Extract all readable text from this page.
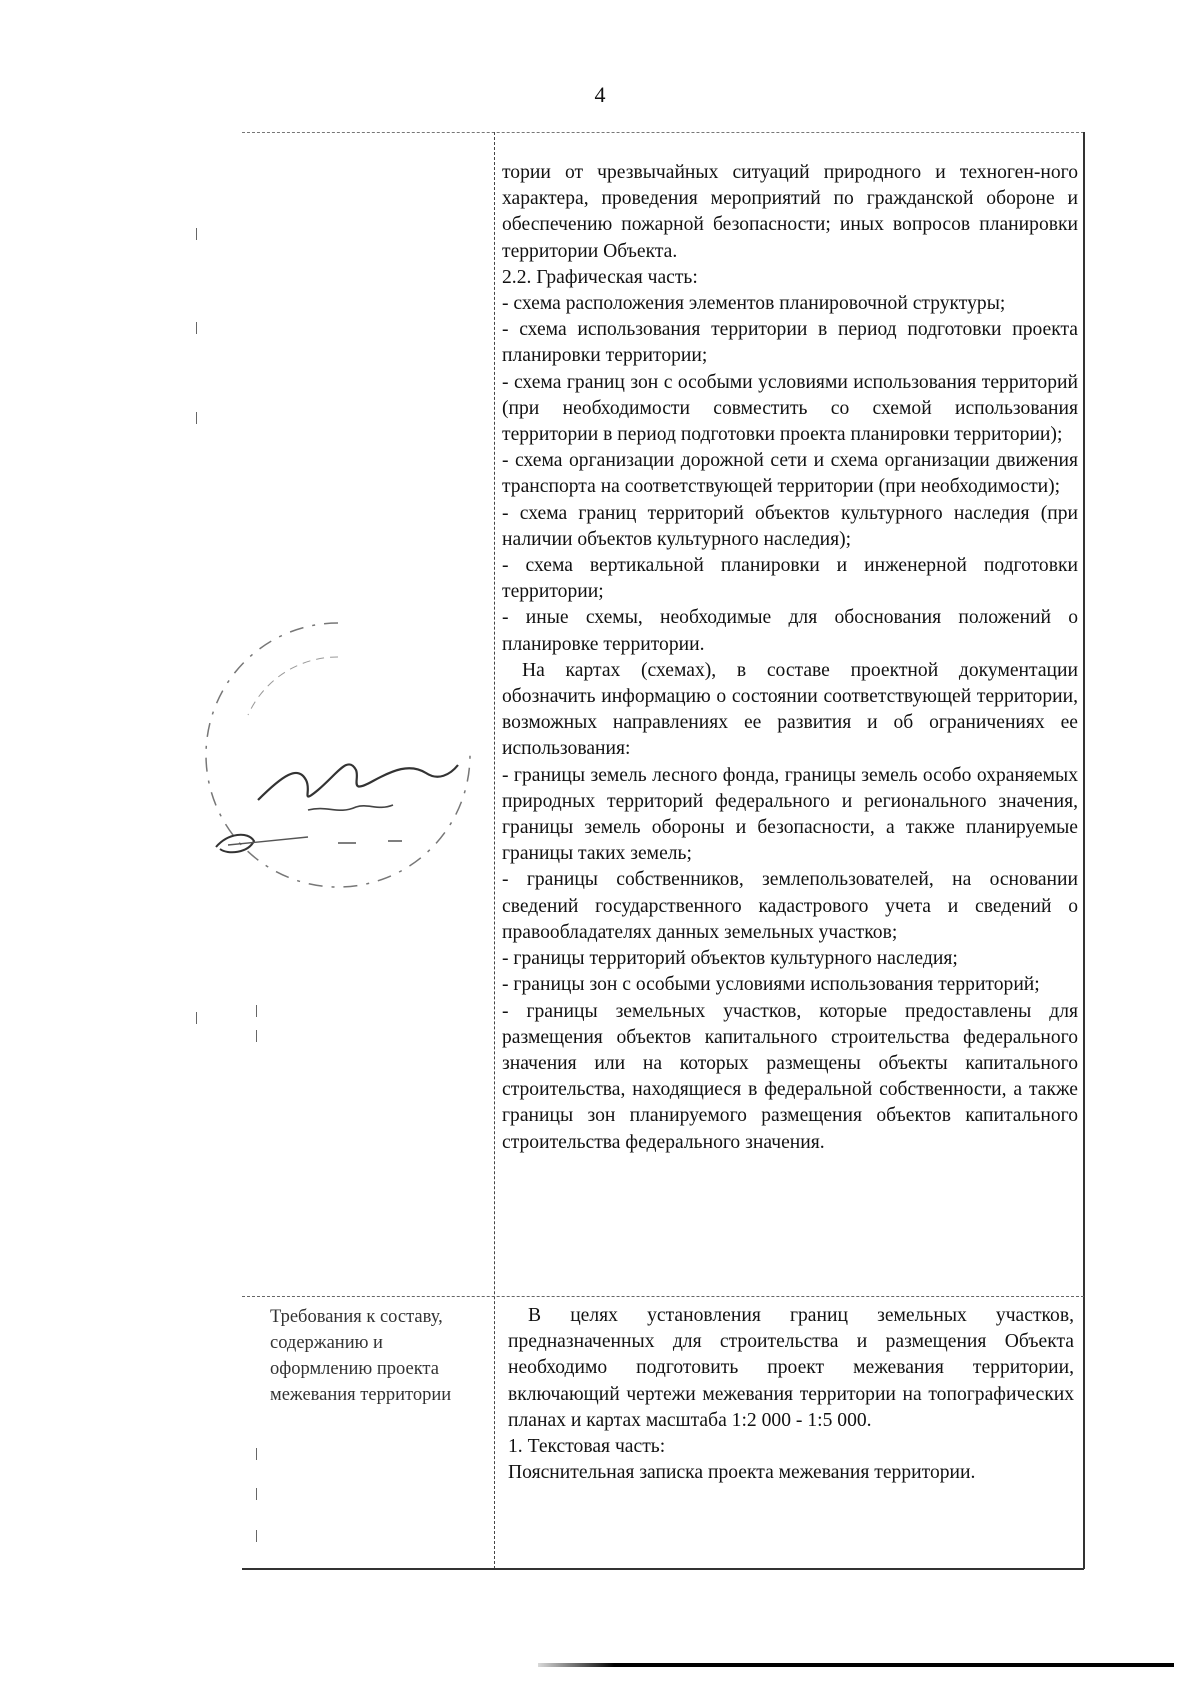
4

тории от чрезвычайных ситуаций природного и техноген-ного характера, проведения мероприятий по гражданской обороне и обеспечению пожарной безопасности; иных вопросов планировки территории Объекта.

2.2. Графическая часть:

- схема расположения элементов планировочной структуры;

- схема использования территории в период подготовки проекта планировки территории;

- схема границ зон с особыми условиями использования территорий (при необходимости совместить со схемой использования территории в период подготовки проекта планировки территории);

- схема организации дорожной сети и схема организации движения транспорта на соответствующей территории (при необходимости);

- схема границ территорий объектов культурного наследия (при наличии объектов культурного наследия);

- схема вертикальной планировки и инженерной подготовки территории;

- иные схемы, необходимые для обоснования положений о планировке территории.

На картах (схемах), в составе проектной документации обозначить информацию о состоянии соответствующей территории, возможных направлениях ее развития и об ограничениях ее использования:

- границы земель лесного фонда, границы земель особо охраняемых природных территорий федерального и регионального значения, границы земель обороны и безопасности, а также планируемые границы таких земель;

- границы собственников, землепользователей, на основании сведений государственного кадастрового учета и сведений о правообладателях данных земельных участков;

- границы территорий объектов культурного наследия;

- границы зон с особыми условиями использования территорий;

- границы земельных участков, которые предоставлены для размещения объектов капитального строительства федерального значения или на которых размещены объекты капитального строительства, находящиеся в федеральной собственности, а также границы зон планируемого размещения объектов капитального строительства федерального значения.

Требования к составу, содержанию и оформлению проекта межевания территории

В целях установления границ земельных участков, предназначенных для строительства и размещения Объекта необходимо подготовить проект межевания территории, включающий чертежи межевания территории на топографических планах и картах масштаба 1:2 000 - 1:5 000.

1. Текстовая часть:

Пояснительная записка проекта межевания территории.
